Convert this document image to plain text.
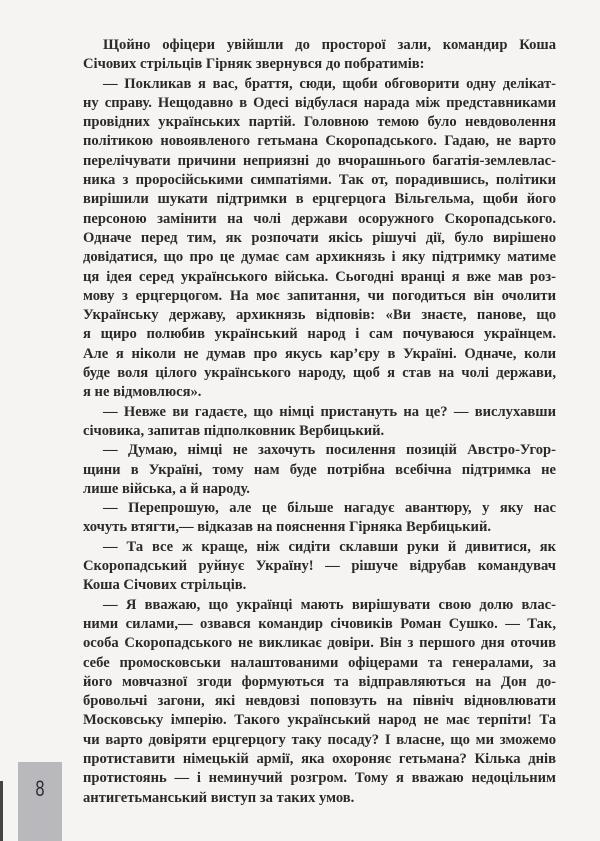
Щойно офіцери увійшли до просторої зали, командир Коша
Січових стрільців Гірняк звернувся до побратимів:
— Покликав я вас, браття, сюди, щоби обговорити одну делікат-
ну справу. Нещодавно в Одесі відбулася нарада між представниками
провідних українських партій. Головною темою було невдоволення
політикою новоявленого гетьмана Скоропадського. Гадаю, не варто
перелічувати причини неприязні до вчорашнього багатія-землевлас-
ника з проросійськими симпатіями. Так от, порадившись, політики
вирішили шукати підтримки в ерцгерцога Вільгельма, щоби його
персоною замінити на чолі держави осоружного Скоропадського.
Одначе перед тим, як розпочати якісь рішучі дії, було вирішено
довідатися, що про це думає сам архикнязь і яку підтримку матиме
ця ідея серед українського війська. Сьогодні вранці я вже мав роз-
мову з ерцгерцогом. На моє запитання, чи погодиться він очолити
Українську державу, архикнязь відповів: «Ви знаєте, панове, що
я щиро полюбив український народ і сам почуваюся українцем.
Але я ніколи не думав про якусь кар’єру в Україні. Одначе, коли
буде воля цілого українського народу, щоб я став на чолі держави,
я не відмовлюся».
— Невже ви гадаєте, що німці пристануть на це? — вислухавши
січовика, запитав підполковник Вербицький.
— Думаю, німці не захочуть посилення позицій Австро-Угор-
щини в Україні, тому нам буде потрібна всебічна підтримка не
лише війська, а й народу.
— Перепрошую, але це більше нагадує авантюру, у яку нас
хочуть втягти,— відказав на пояснення Гірняка Вербицький.
— Та все ж краще, ніж сидіти склавши руки й дивитися, як
Скоропадський руйнує Україну! — рішуче відрубав командувач
Коша Січових стрільців.
— Я вважаю, що українці мають вирішувати свою долю влас-
ними силами,— озвався командир січовиків Роман Сушко. — Так,
особа Скоропадського не викликає довіри. Він з першого дня оточив
себе промосковськи налаштованими офіцерами та генералами, за
його мовчазної згоди формуються та відправляються на Дон до-
бровольчі загони, які невдовзі поповзуть на північ відновлювати
Московську імперію. Такого український народ не має терпіти! Та
чи варто довіряти ерцгерцогу таку посаду? І власне, що ми зможемо
протиставити німецькій армії, яка охороняє гетьмана? Кілька днів
протистоянь — і неминучий розгром. Тому я вважаю недоцільним
антигетьманський виступ за таких умов.
8
